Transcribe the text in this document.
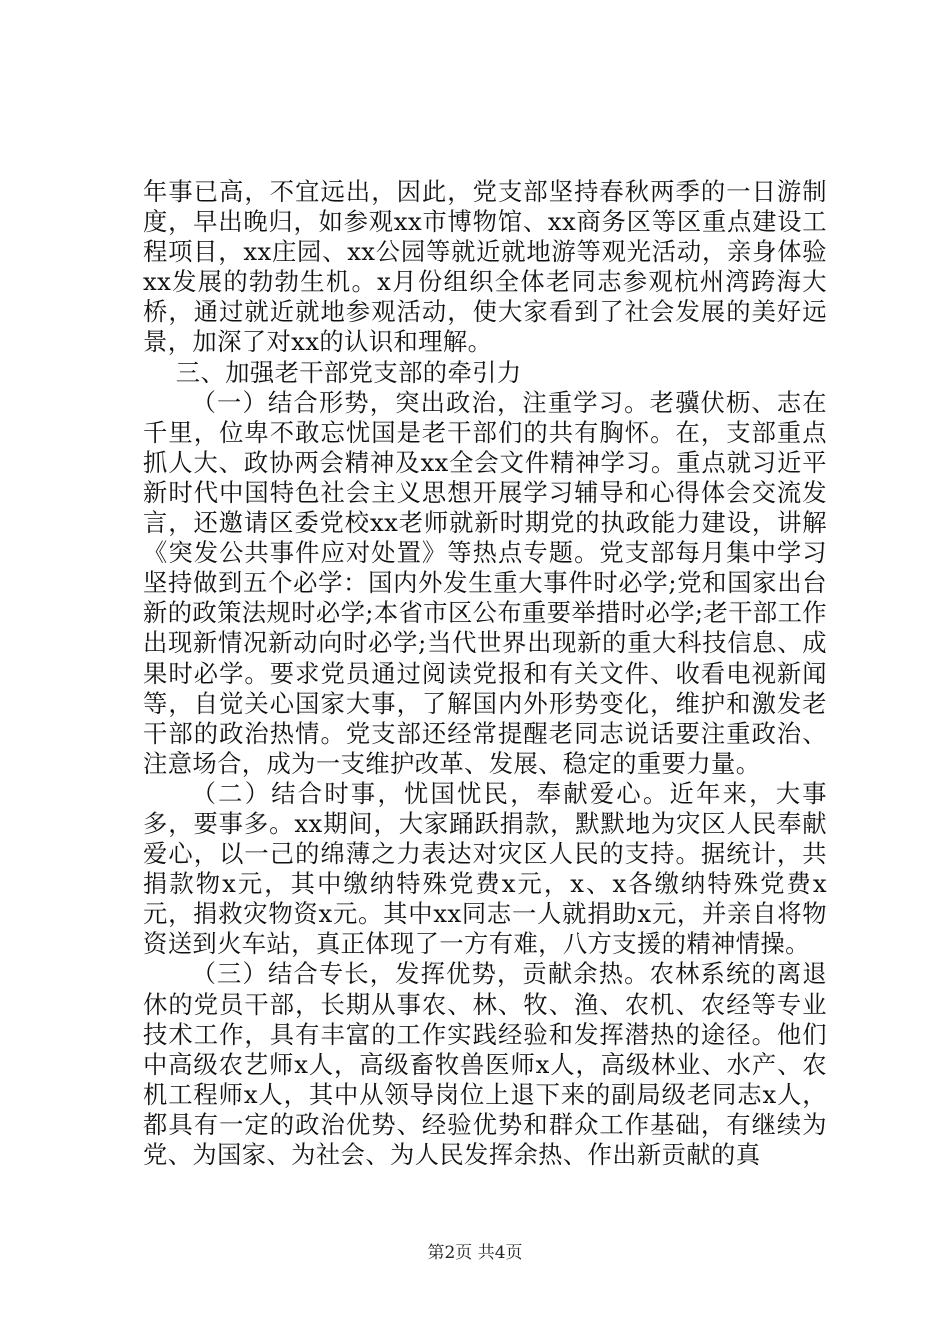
年事已高，不宜远出，因此，党支部坚持春秋两季的一日游制度，早出晚归，如参观xx市博物馆、xx商务区等区重点建设工程项目，xx庄园、xx公园等就近就地游等观光活动，亲身体验xx发展的勃勃生机。x月份组织全体老同志参观杭州湾跨海大桥，通过就近就地参观活动，使大家看到了社会发展的美好远景，加深了对xx的认识和理解。

三、加强老干部党支部的牵引力

（一）结合形势，突出政治，注重学习。老骥伏枥、志在千里，位卑不敢忘忧国是老干部们的共有胸怀。在，支部重点抓人大、政协两会精神及xx全会文件精神学习。重点就习近平新时代中国特色社会主义思想开展学习辅导和心得体会交流发言，还邀请区委党校xx老师就新时期党的执政能力建设，讲解《突发公共事件应对处置》等热点专题。党支部每月集中学习坚持做到五个必学：国内外发生重大事件时必学;党和国家出台新的政策法规时必学;本省市区公布重要举措时必学;老干部工作出现新情况新动向时必学;当代世界出现新的重大科技信息、成果时必学。要求党员通过阅读党报和有关文件、收看电视新闻等，自觉关心国家大事，了解国内外形势变化，维护和激发老干部的政治热情。党支部还经常提醒老同志说话要注重政治、注意场合，成为一支维护改革、发展、稳定的重要力量。

（二）结合时事，忧国忧民，奉献爱心。近年来，大事多，要事多。xx期间，大家踊跃捐款，默默地为灾区人民奉献爱心，以一己的绵薄之力表达对灾区人民的支持。据统计，共捐款物x元，其中缴纳特殊党费x元，x、x各缴纳特殊党费x元，捐救灾物资x元。其中xx同志一人就捐助x元，并亲自将物资送到火车站，真正体现了一方有难，八方支援的精神情操。

（三）结合专长，发挥优势，贡献余热。农林系统的离退休的党员干部，长期从事农、林、牧、渔、农机、农经等专业技术工作，具有丰富的工作实践经验和发挥潜热的途径。他们中高级农艺师x人，高级畜牧兽医师x人，高级林业、水产、农机工程师x人，其中从领导岗位上退下来的副局级老同志x人，都具有一定的政治优势、经验优势和群众工作基础，有继续为党、为国家、为社会、为人民发挥余热、作出新贡献的真

第2页 共4页
